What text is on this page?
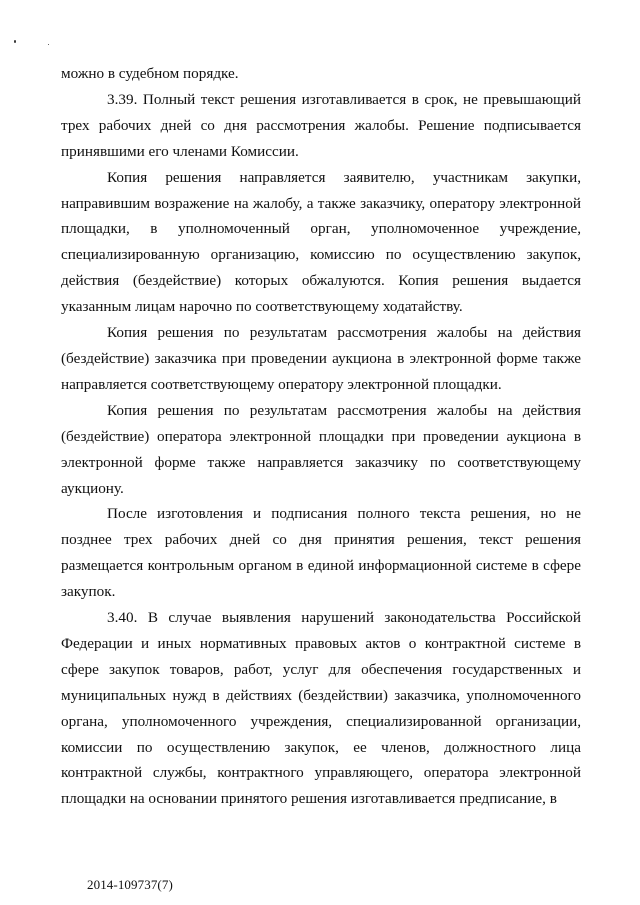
можно в судебном порядке.

3.39. Полный текст решения изготавливается в срок, не превышающий трех рабочих дней со дня рассмотрения жалобы. Решение подписывается принявшими его членами Комиссии.

Копия решения направляется заявителю, участникам закупки, направившим возражение на жалобу, а также заказчику, оператору электронной площадки, в уполномоченный орган, уполномоченное учреждение, специализированную организацию, комиссию по осуществлению закупок, действия (бездействие) которых обжалуются. Копия решения выдается указанным лицам нарочно по соответствующему ходатайству.

Копия решения по результатам рассмотрения жалобы на действия (бездействие) заказчика при проведении аукциона в электронной форме также направляется соответствующему оператору электронной площадки.

Копия решения по результатам рассмотрения жалобы на действия (бездействие) оператора электронной площадки при проведении аукциона в электронной форме также направляется заказчику по соответствующему аукциону.

После изготовления и подписания полного текста решения, но не позднее трех рабочих дней со дня принятия решения, текст решения размещается контрольным органом в единой информационной системе в сфере закупок.

3.40. В случае выявления нарушений законодательства Российской Федерации и иных нормативных правовых актов о контрактной системе в сфере закупок товаров, работ, услуг для обеспечения государственных и муниципальных нужд в действиях (бездействии) заказчика, уполномоченного органа, уполномоченного учреждения, специализированной организации, комиссии по осуществлению закупок, ее членов, должностного лица контрактной службы, контрактного управляющего, оператора электронной площадки на основании принятого решения изготавливается предписание, в

2014-109737(7)
